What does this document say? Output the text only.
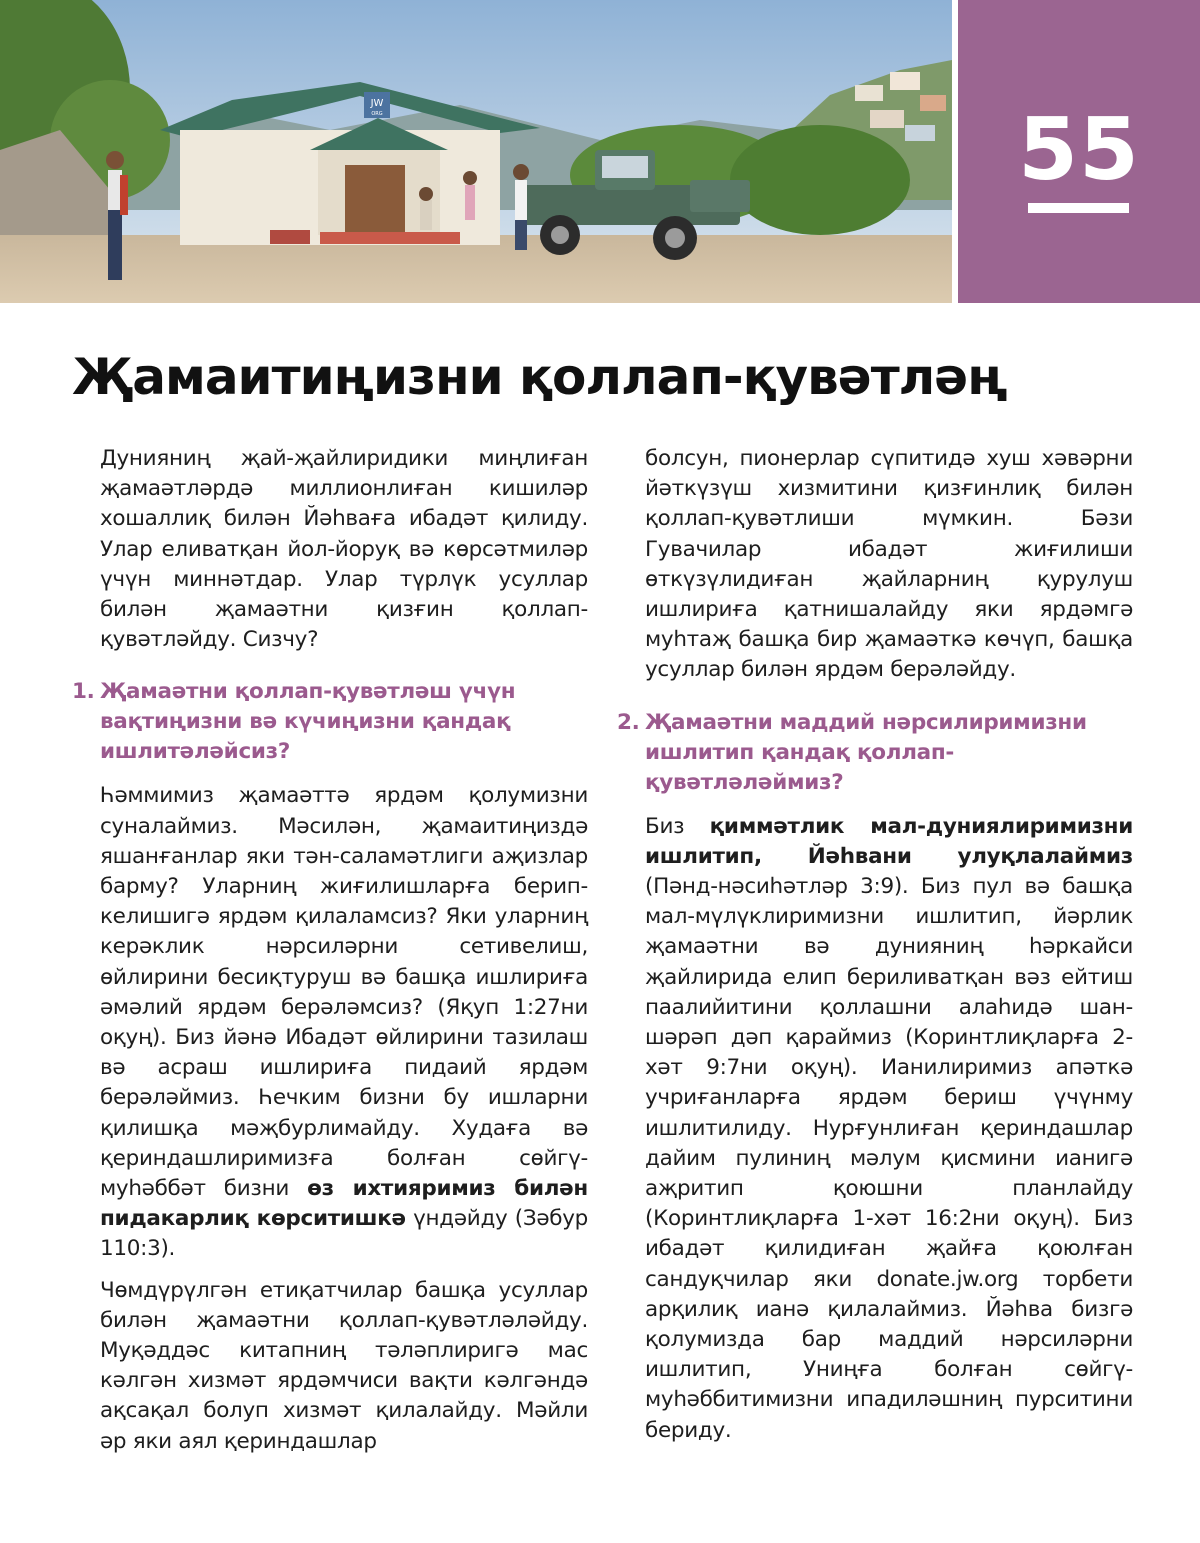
JW
ORG	55
Җамаитиңизни қоллап-қувәтләң

Дунияниң җай-җайлиридики миңлиған җамаәтләрдә миллионлиған кишиләр хошаллиқ билән Йәһваға ибадәт қилиду. Улар еливатқан йол-йоруқ вә көрсәтмиләр үчүн миннәтдар. Улар түрлүк усуллар билән җамаәтни қизғин қоллап-қувәтләйду. Сизчу?

1. Җамаәтни қоллап-қувәтләш үчүн вақтиңизни вә күчиңизни қандақ ишлитәләйсиз?

Һәммимиз җамаәттә ярдәм қолумизни суналаймиз. Мәсилән, җамаитиңиздә яшанғанлар яки тән-саламәтлиги аҗизлар барму? Уларниң жиғилишларға берип-келишигә ярдәм қилаламсиз? Яки уларниң керәклик нәрсиләрни сетивелиш, өйлирини бесиқтуруш вә башқа ишлириға әмәлий ярдәм берәләмсиз? (Яқуп 1:27ни оқуң). Биз йәнә Ибадәт өйлирини тазилаш вә асраш ишлириға пидаий ярдәм берәләймиз. Һечким бизни бу ишларни қилишқа мәҗбурлимайду. Худаға вә қериндашлиримизға болған сөйгү-муһәббәт бизни өз ихтияримиз билән пидакарлиқ көрситишкә үндәйду (Зәбур 110:3).

Чөмдүрүлгән етиқатчилар башқа усуллар билән җамаәтни қоллап-қувәтләләйду. Муқәддәс китапниң тәләплиригә мас кәлгән хизмәт ярдәмчиси вақти кәлгәндә ақсақал болуп хизмәт қилалайду. Мәйли әр яки аял қериндашлар

болсун, пионерлар сүпитидә хуш хәвәрни йәткүзүш хизмитини қизғинлиқ билән қоллап-қувәтлиши мүмкин. Бәзи Гувачилар ибадәт жиғилиши өткүзүлидиған җайларниң қурулуш ишлириға қатнишалайду яки ярдәмгә муһтаҗ башқа бир җамаәткә көчүп, башқа усуллар билән ярдәм берәләйду.

2. Җамаәтни маддий нәрсилиримизни ишлитип қандақ қоллап-қувәтләләймиз?

Биз қиммәтлик мал-дуниялиримизни ишлитип, Йәһвани улуқлалаймиз (Пәнд-нәсиһәтләр 3:9). Биз пул вә башқа мал-мүлүклиримизни ишлитип, йәрлик җамаәтни вә дунияниң һәркайси җайлирида елип бериливатқан вәз ейтиш паалийитини қоллашни алаһидә шан-шәрәп дәп қараймиз (Коринтлиқларға 2-хәт 9:7ни оқуң). Ианилиримиз апәткә учриғанларға ярдәм бериш үчүнму ишлитилиду. Нурғунлиған қериндашлар дайим пулиниң мәлум қисмини ианигә аҗритип қоюшни планлайду (Коринтлиқларға 1-хәт 16:2ни оқуң). Биз ибадәт қилидиған җайға қоюлған сандуқчилар яки donate.jw.org торбети арқилиқ ианә қилалаймиз. Йәһва бизгә қолумизда бар маддий нәрсиләрни ишлитип, Униңға болған сөйгү-муһәббитимизни ипадиләшниң пурситини бериду.
